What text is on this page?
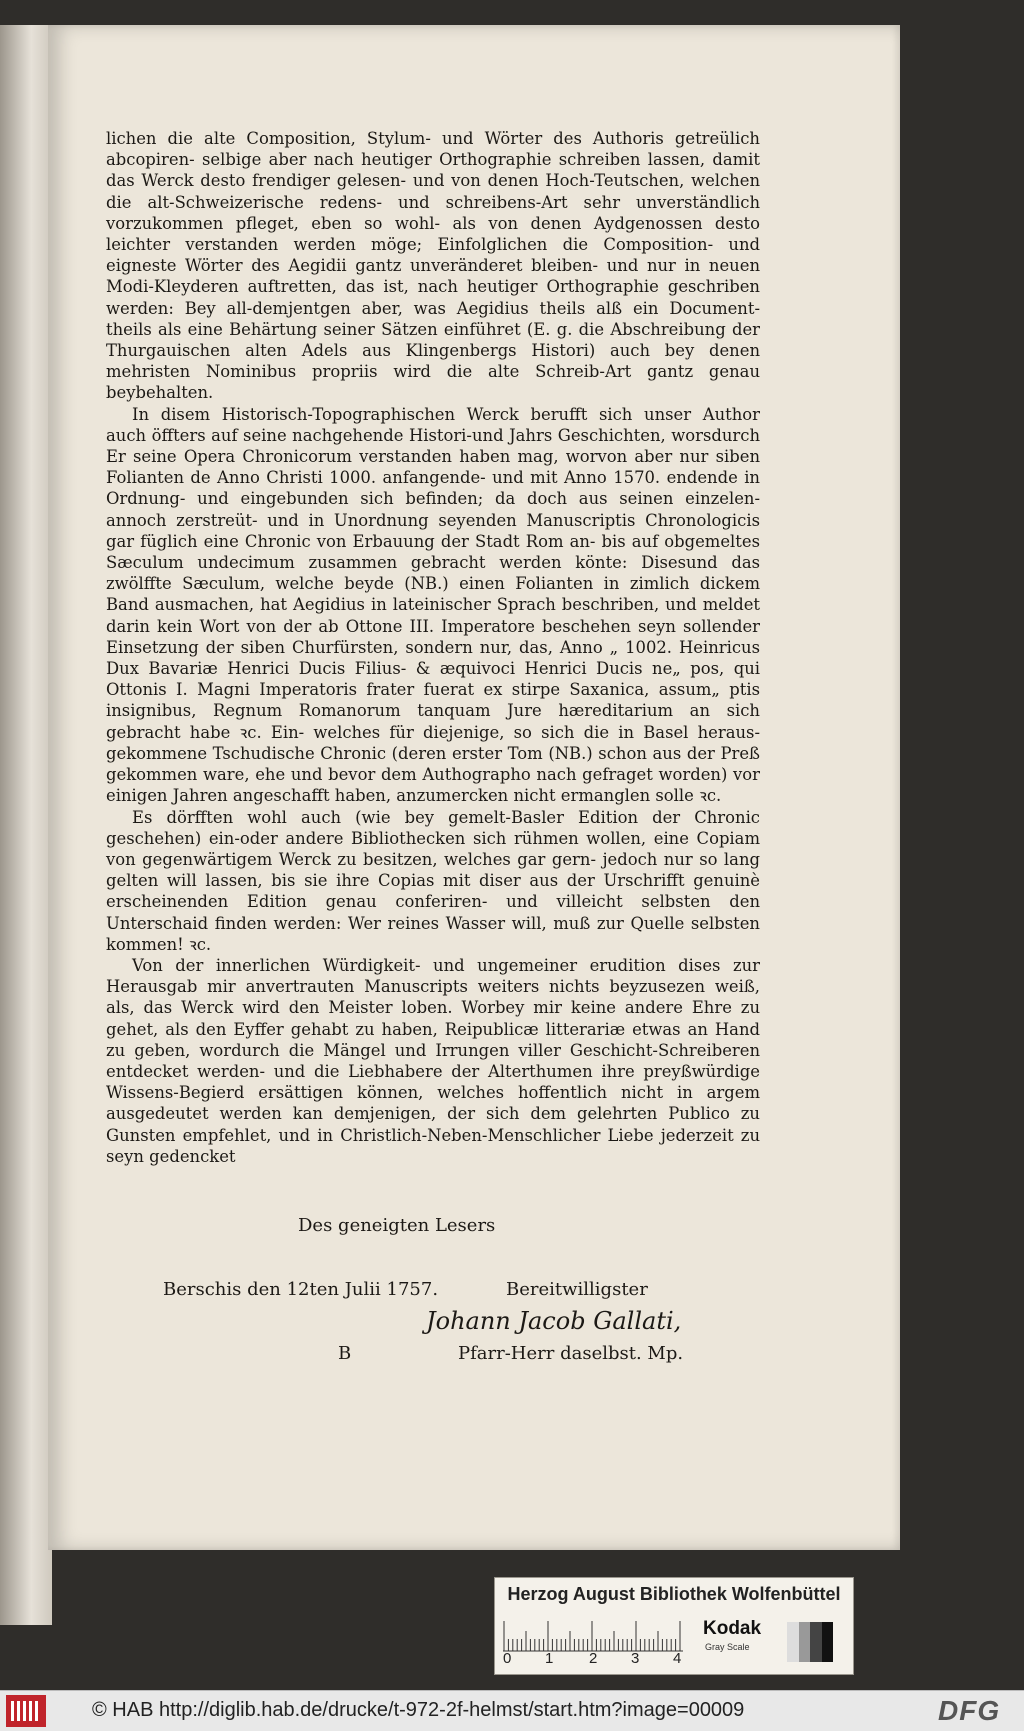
lichen die alte Composition, Stylum- und Wörter des Authoris getreülich abcopiren- selbige aber nach heutiger Orthographie schreiben lassen, damit das Werck desto frendiger gelesen- und von denen Hoch-Teutschen, welchen die alt-Schweizerische redens- und schreibens-Art sehr unverständlich vorzukommen pfleget, eben so wohl- als von denen Aydgenossen desto leichter verstanden werden möge; Einfolglichen die Composition- und eigneste Wörter des Aegidii gantz unveränderet bleiben- und nur in neuen Modi-Kleyderen auftretten, das ist, nach heutiger Orthographie geschriben werden: Bey all-demjentgen aber, was Aegidius theils alß ein Document- theils als eine Behärtung seiner Sätzen einführet (E. g. die Abschreibung der Thurgauischen alten Adels aus Klingenbergs Histori) auch bey denen mehristen Nominibus propriis wird die alte Schreib-Art gantz genau beybehalten.

In disem Historisch-Topographischen Werck berufft sich unser Author auch öffters auf seine nachgehende Histori-und Jahrs Geschichten, worsdurch Er seine Opera Chronicorum verstanden haben mag, worvon aber nur siben Folianten de Anno Christi 1000. anfangende- und mit Anno 1570. endende in Ordnung- und eingebunden sich befinden; da doch aus seinen einzelen- annoch zerstreüt- und in Unordnung seyenden Manuscriptis Chronologicis gar füglich eine Chronic von Erbauung der Stadt Rom an- bis auf obgemeltes Sæculum undecimum zusammen gebracht werden könte: Disesund das zwölffte Sæculum, welche beyde (NB.) einen Folianten in zimlich dickem Band ausmachen, hat Aegidius in lateinischer Sprach beschriben, und meldet darin kein Wort von der ab Ottone III. Imperatore beschehen seyn sollender Einsetzung der siben Churfürsten, sondern nur, das, Anno „ 1002. Heinricus Dux Bavariæ Henrici Ducis Filius- & æquivoci Henrici Ducis ne„ pos, qui Ottonis I. Magni Imperatoris frater fuerat ex stirpe Saxanica, assum„ ptis insignibus, Regnum Romanorum tanquam Jure hæreditarium an sich gebracht habe ꝛc. Ein- welches für diejenige, so sich die in Basel heraus-gekommene Tschudische Chronic (deren erster Tom (NB.) schon aus der Preß gekommen ware, ehe und bevor dem Authographo nach gefraget worden) vor einigen Jahren angeschafft haben, anzumercken nicht ermanglen solle ꝛc.

Es dörfften wohl auch (wie bey gemelt-Basler Edition der Chronic geschehen) ein-oder andere Bibliothecken sich rühmen wollen, eine Copiam von gegenwärtigem Werck zu besitzen, welches gar gern- jedoch nur so lang gelten will lassen, bis sie ihre Copias mit diser aus der Urschrifft genuinè erscheinenden Edition genau conferiren- und villeicht selbsten den Unterschaid finden werden: Wer reines Wasser will, muß zur Quelle selbsten kommen! ꝛc.

Von der innerlichen Würdigkeit- und ungemeiner erudition dises zur Herausgab mir anvertrauten Manuscripts weiters nichts beyzusezen weiß, als, das Werck wird den Meister loben. Worbey mir keine andere Ehre zu gehet, als den Eyffer gehabt zu haben, Reipublicæ litterariæ etwas an Hand zu geben, wordurch die Mängel und Irrungen viller Geschicht-Schreiberen entdecket werden- und die Liebhabere der Alterthumen ihre preyßwürdige Wissens-Begierd ersättigen können, welches hoffentlich nicht in argem ausgedeutet werden kan demjenigen, der sich dem gelehrten Publico zu Gunsten empfehlet, und in Christlich-Neben-Menschlicher Liebe jederzeit zu seyn gedencket

Des geneigten Lesers
Berschis den 12ten Julii 1757.	Bereitwilligster
Johann Jacob Gallati,
B	Pfarr-Herr daselbst. Mp.
Herzog August Bibliothek Wolfenbüttel
0 1 2 3 4
Kodak
Gray Scale
© HAB http://diglib.hab.de/drucke/t-972-2f-helmst/start.htm?image=00009	DFG
